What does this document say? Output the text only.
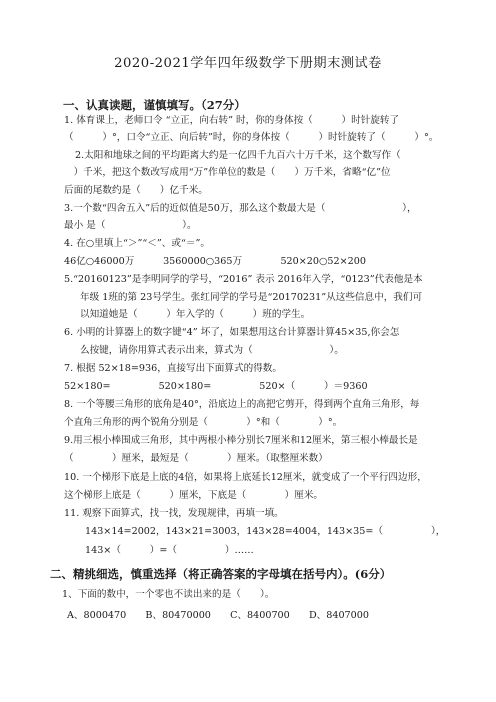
2020-2021学年四年级数学下册期末测试卷
一、认真读题，谨慎填写。（27分）
1. 体育课上，老师口令 “立正，向右转” 时，你的身体按（　　　）时针旋转了
（　　　）°，口令“立正、向后转”时，你的身体按（　　　）时针旋转了（　　　）°。
2.太阳和地球之间的平均距离大约是一亿四千九百六十万千米，这个数写作（
　）千米，把这个数改写成用“万”作单位的数是（　　）万千米，省略“亿”位
后面的尾数约是（　　）亿千米。
3.一个数“四舍五入”后的近似值是50万，那么这个数最大是（　　　　　　　　），
最小 是（　　　　　　　　）。
4. 在○里填上“＞”“＜”、或“＝”。
46亿○46000万　　　3560000○365万　　　　520×20○52×200
5.“20160123”是李明同学的学号，“2016” 表示 2016年入学，“0123”代表他是本
年级 1班的第 23号学生。张红同学的学号是“20170231”从这些信息中，我们可
以知道她是（　　　）年入学的（　　　）班的学生。
6. 小明的计算器上的数字键“4” 坏了，如果想用这台计算器计算45×35,你会怎
么按键，请你用算式表示出来，算式为（　　　　　　　　）。
7. 根据 52×18=936，直接写出下面算式的得数。
52×180=　　　　　520×180=　　　　　520×（　　　）＝9360
8. 一个等腰三角形的底角是40°，沿底边上的高把它剪开，得到两个直角三角形，每
个直角三角形的两个锐角分别是（　　　　）°和（　　　　）°。
9.用三根小棒围成三角形，其中两根小棒分别长7厘米和12厘米，第三根小棒最长是
（　　　　）厘米，最短是（　　　　）厘米。（取整厘米数）
10. 一个梯形下底是上底的4倍，如果将上底延长12厘米，就变成了一个平行四边形，
这个梯形上底是（　　　）厘米，下底是（　　　　）厘米。
11. 观察下面算式，找一找，发现规律，再填一填。
143×14=2002，143×21=3003，143×28=4004，143×35=（　　　　　），
143×（　　　）=（　　　　　）……
二、精挑细选，慎重选择（将正确答案的字母填在括号内）。(6分）
1、下面的数中，一个零也不读出来的是（　　）。
A、8000470　　B、80470000　　C、8400700　　D、8407000
